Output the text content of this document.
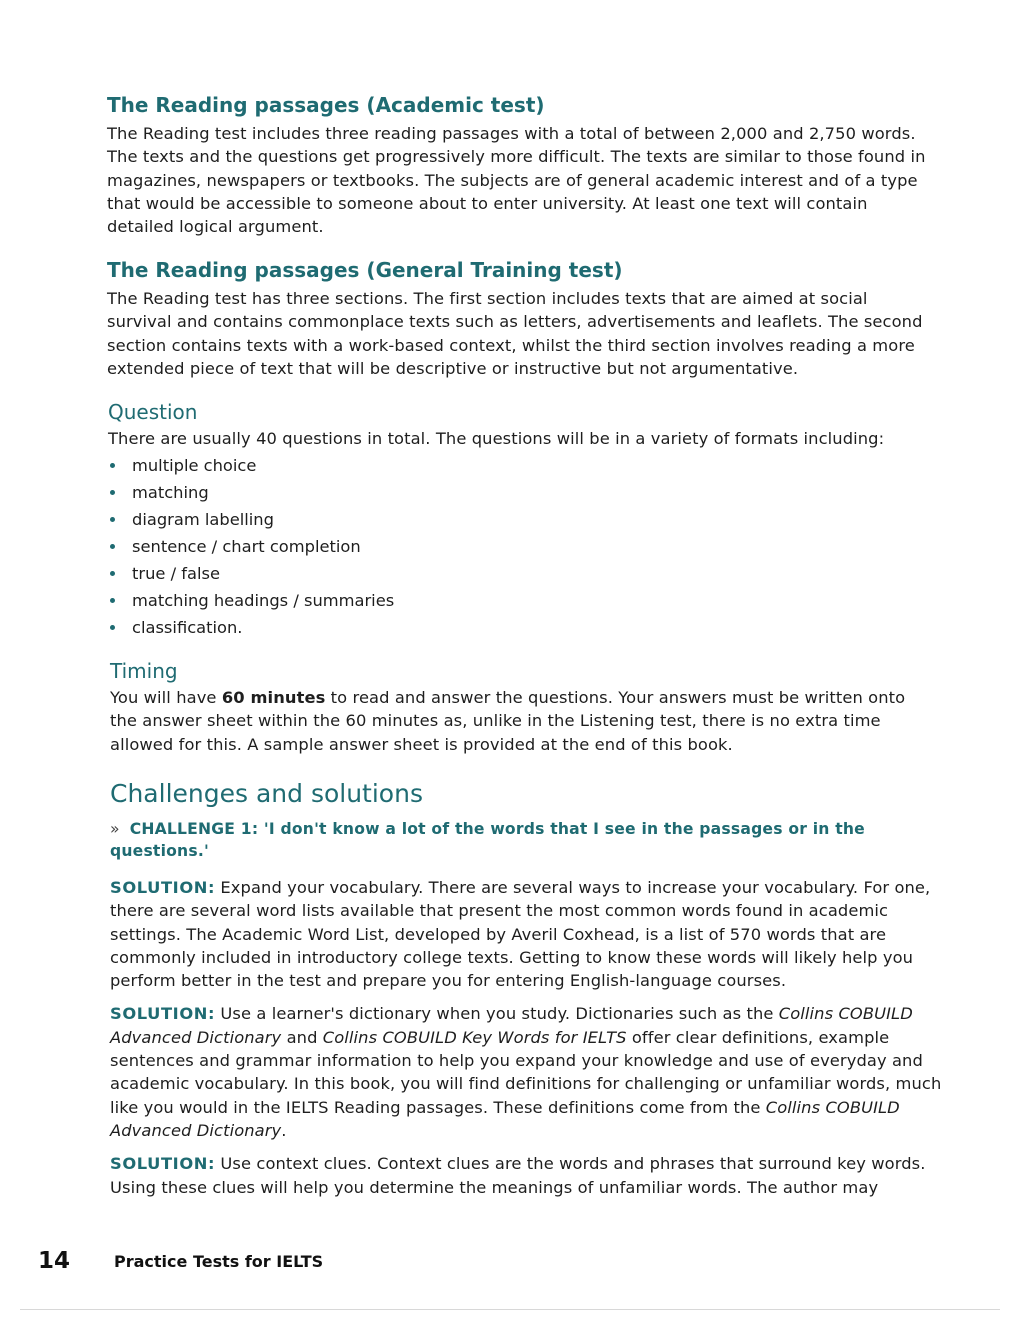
The Reading passages (Academic test)

The Reading test includes three reading passages with a total of between 2,000 and 2,750 words. The texts and the questions get progressively more difficult. The texts are similar to those found in magazines, newspapers or textbooks. The subjects are of general academic interest and of a type that would be accessible to someone about to enter university. At least one text will contain detailed logical argument.

The Reading passages (General Training test)

The Reading test has three sections. The first section includes texts that are aimed at social survival and contains commonplace texts such as letters, advertisements and leaflets. The second section contains texts with a work-based context, whilst the third section involves reading a more extended piece of text that will be descriptive or instructive but not argumentative.

Question

There are usually 40 questions in total. The questions will be in a variety of formats including:

multiple choice
matching
diagram labelling
sentence / chart completion
true / false
matching headings / summaries
classification.
Timing

You will have 60 minutes to read and answer the questions. Your answers must be written onto the answer sheet within the 60 minutes as, unlike in the Listening test, there is no extra time allowed for this. A sample answer sheet is provided at the end of this book.

Challenges and solutions

» CHALLENGE 1: 'I don't know a lot of the words that I see in the passages or in the questions.'

SOLUTION: Expand your vocabulary. There are several ways to increase your vocabulary. For one, there are several word lists available that present the most common words found in academic settings. The Academic Word List, developed by Averil Coxhead, is a list of 570 words that are commonly included in introductory college texts. Getting to know these words will likely help you perform better in the test and prepare you for entering English-language courses.

SOLUTION: Use a learner's dictionary when you study. Dictionaries such as the Collins COBUILD Advanced Dictionary and Collins COBUILD Key Words for IELTS offer clear definitions, example sentences and grammar information to help you expand your knowledge and use of everyday and academic vocabulary. In this book, you will find definitions for challenging or unfamiliar words, much like you would in the IELTS Reading passages. These definitions come from the Collins COBUILD Advanced Dictionary.

SOLUTION: Use context clues. Context clues are the words and phrases that surround key words. Using these clues will help you determine the meanings of unfamiliar words. The author may

14	Practice Tests for IELTS
